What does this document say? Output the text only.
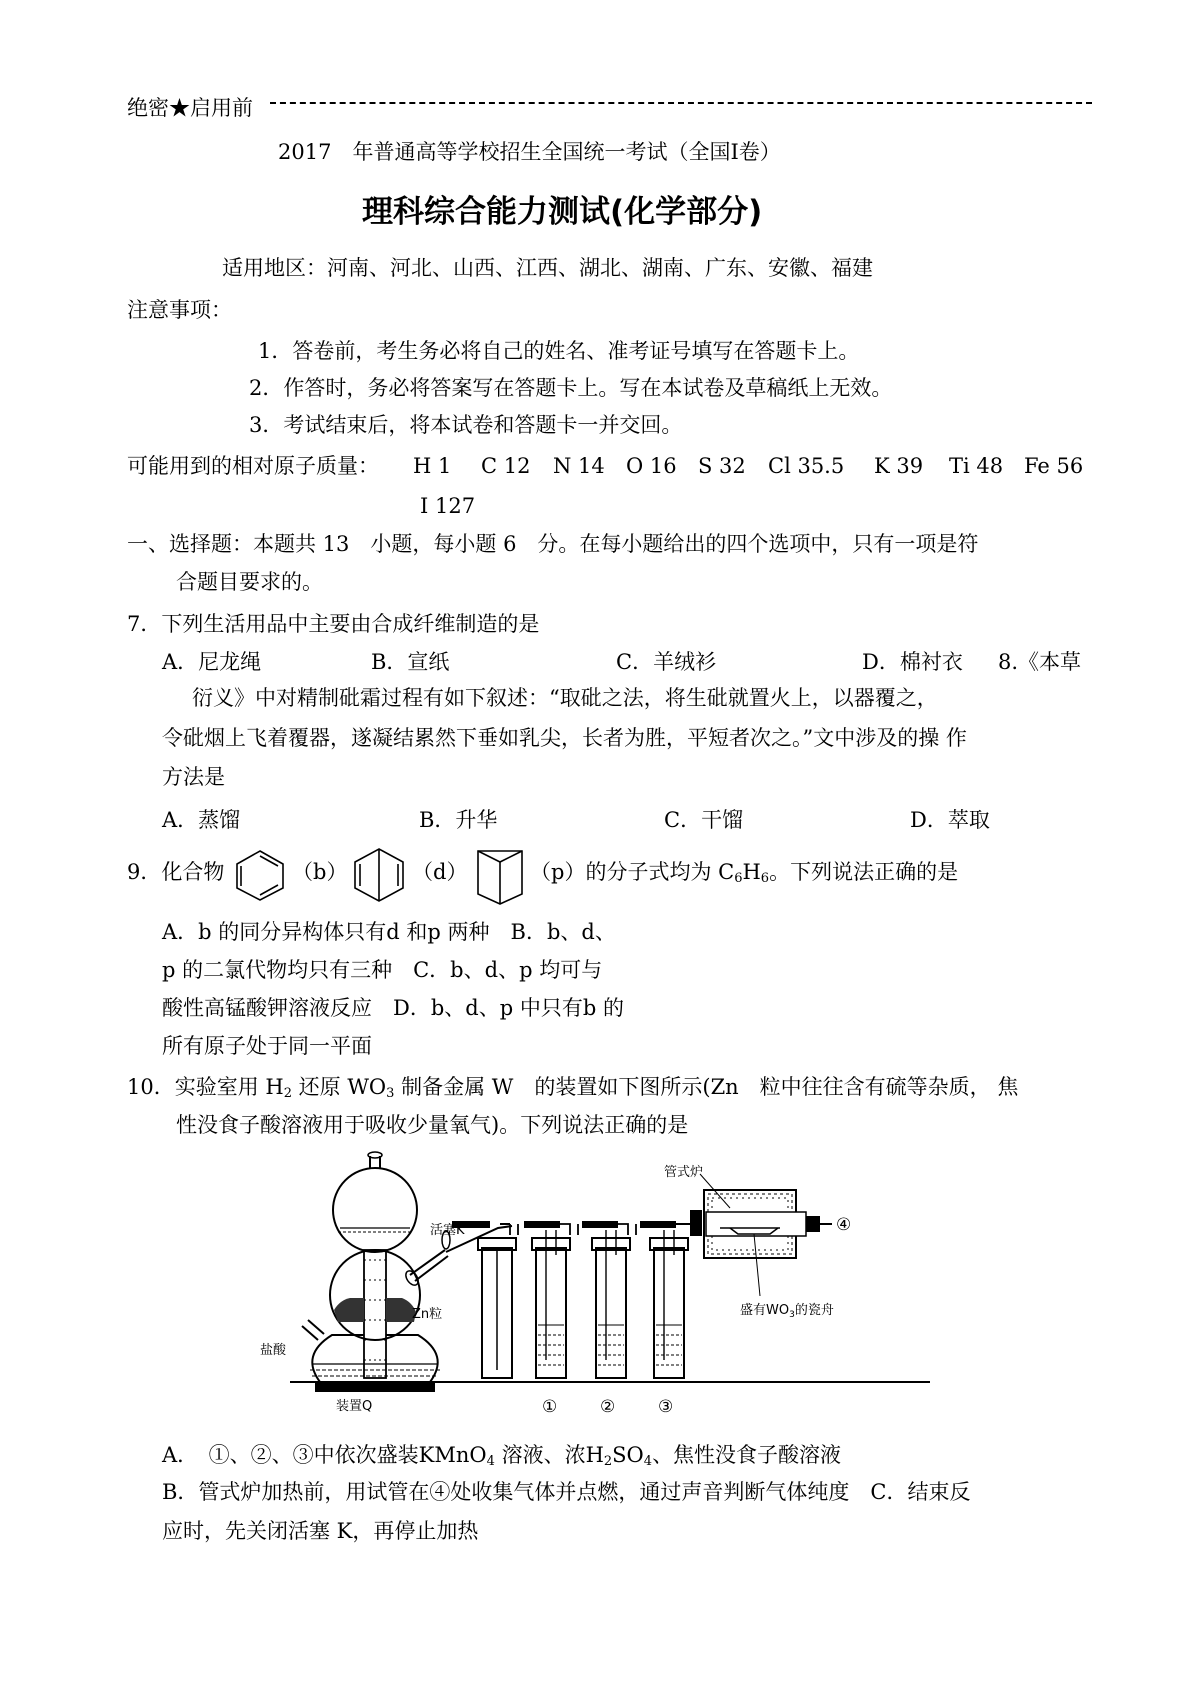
绝密★启用前
2017　年普通高等学校招生全国统一考试（全国Ⅰ卷）
理科综合能力测试(化学部分)
适用地区：河南、河北、山西、江西、湖北、湖南、广东、安徽、福建
注意事项：
1．答卷前，考生务必将自己的姓名、准考证号填写在答题卡上。
2．作答时，务必将答案写在答题卡上。写在本试卷及草稿纸上无效。
3．考试结束后，将本试卷和答题卡一并交回。
可能用到的相对原子质量： H 1 C 12 N 14 O 16 S 32 Cl 35.5 K 39 Ti 48 Fe 56
I 127
一、选择题：本题共 13　小题，每小题 6　分。在每小题给出的四个选项中，只有一项是符
合题目要求的。
7．下列生活用品中主要由合成纤维制造的是
A．尼龙绳	B．宣纸	C．羊绒衫	D．棉衬衣 8.《本草
衍义》中对精制砒霜过程有如下叙述：“取砒之法，将生砒就置火上，以器覆之，
令砒烟上飞着覆器，遂凝结累然下垂如乳尖，长者为胜，平短者次之。”文中涉及的操 作
方法是
A．蒸馏	B．升华	C．干馏	D．萃取
9．化合物	（b）	（d）	（p）的分子式均为 $C_6H_6$。下列说法正确的是
A．b 的同分异构体只有d 和p 两种　B．b、d、
p 的二氯代物均只有三种　C．b、d、p 均可与
酸性高锰酸钾溶液反应　D．b、d、p 中只有b 的
所有原子处于同一平面
10．实验室用 $H_2$ 还原 $WO_3$ 制备金属 W　的装置如下图所示(Zn　粒中往往含有硫等杂质， 焦
性没食子酸溶液用于吸收少量氧气)。下列说法正确的是
管式炉
活塞K
Zn粒
盐酸
装置Q
盛有$WO_3$的瓷舟
④
①	②	③
A．　①、②、③中依次盛装KMnO$_4$ 溶液、浓$H_2SO_4$、焦性没食子酸溶液
B．管式炉加热前，用试管在④处收集气体并点燃，通过声音判断气体纯度　C．结束反
应时，先关闭活塞 K，再停止加热
